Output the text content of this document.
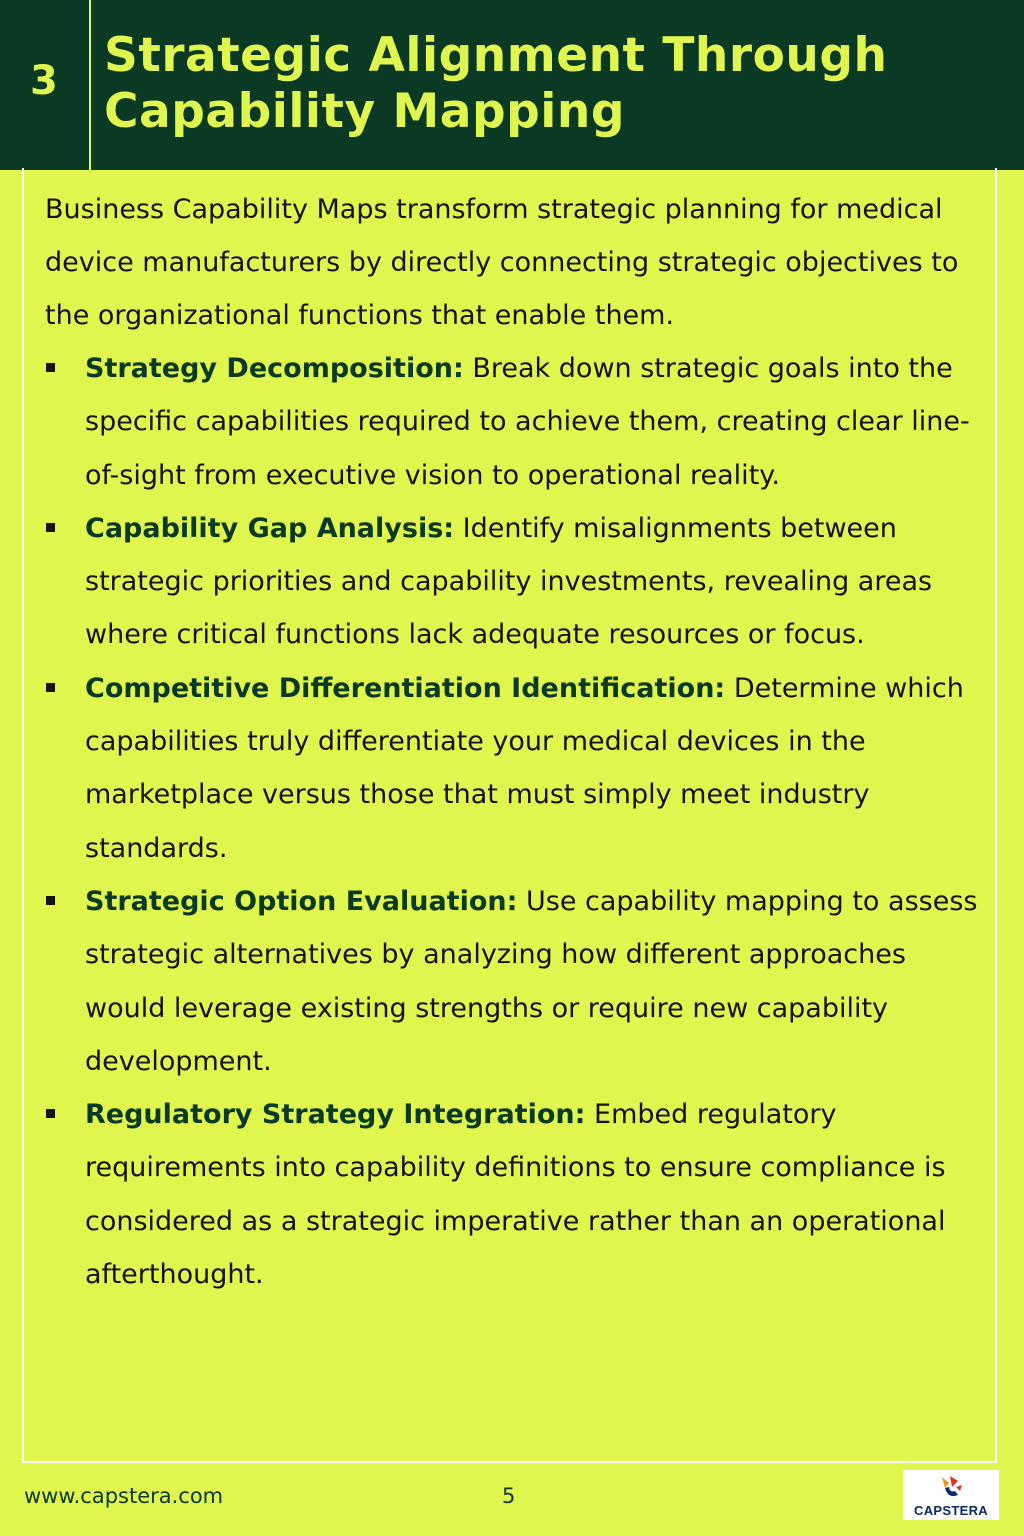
3 Strategic Alignment Through
Capability Mapping

Business Capability Maps transform strategic planning for medical device manufacturers by directly connecting strategic objectives to the organizational functions that enable them.

Strategy Decomposition: Break down strategic goals into the specific capabilities required to achieve them, creating clear line-of-sight from executive vision to operational reality.
Capability Gap Analysis: Identify misalignments between strategic priorities and capability investments, revealing areas where critical functions lack adequate resources or focus.
Competitive Differentiation Identification: Determine which capabilities truly differentiate your medical devices in the marketplace versus those that must simply meet industry standards.
Strategic Option Evaluation: Use capability mapping to assess strategic alternatives by analyzing how different approaches would leverage existing strengths or require new capability development.
Regulatory Strategy Integration: Embed regulatory requirements into capability definitions to ensure compliance is considered as a strategic imperative rather than an operational afterthought.
www.capstera.com	5
CAPSTERA
